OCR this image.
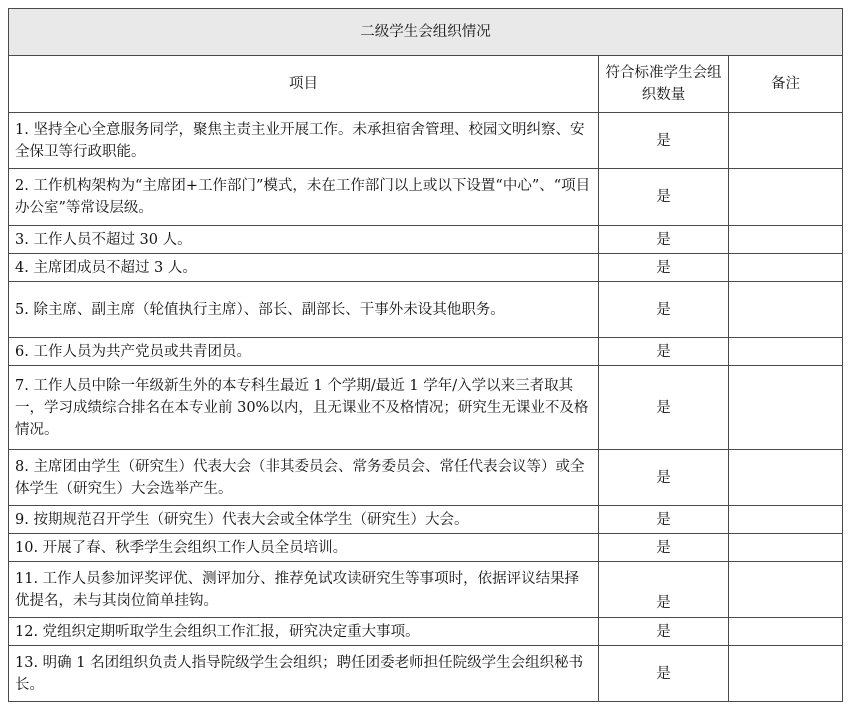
二级学生会组织情况		
项目	符合标准学生会组织数量	备注
1. 坚持全心全意服务同学，聚焦主责主业开展工作。未承担宿舍管理、校园文明纠察、安全保卫等行政职能。	是	
2. 工作机构架构为“主席团+工作部门”模式，未在工作部门以上或以下设置“中心”、“项目办公室”等常设层级。	是	
3. 工作人员不超过 30 人。	是	
4. 主席团成员不超过 3 人。	是	
5. 除主席、副主席（轮值执行主席）、部长、副部长、干事外未设其他职务。	是	
6. 工作人员为共产党员或共青团员。	是	
7. 工作人员中除一年级新生外的本专科生最近 1 个学期/最近 1 学年/入学以来三者取其一，学习成绩综合排名在本专业前 30%以内，且无课业不及格情况；研究生无课业不及格情况。	是	
8. 主席团由学生（研究生）代表大会（非其委员会、常务委员会、常任代表会议等）或全体学生（研究生）大会选举产生。	是	
9. 按期规范召开学生（研究生）代表大会或全体学生（研究生）大会。	是	
10. 开展了春、秋季学生会组织工作人员全员培训。	是	
11. 工作人员参加评奖评优、测评加分、推荐免试攻读研究生等事项时，依据评议结果择优提名，未与其岗位简单挂钩。	是	
12. 党组织定期听取学生会组织工作汇报，研究决定重大事项。	是	
13. 明确 1 名团组织负责人指导院级学生会组织；聘任团委老师担任院级学生会组织秘书长。	是	
